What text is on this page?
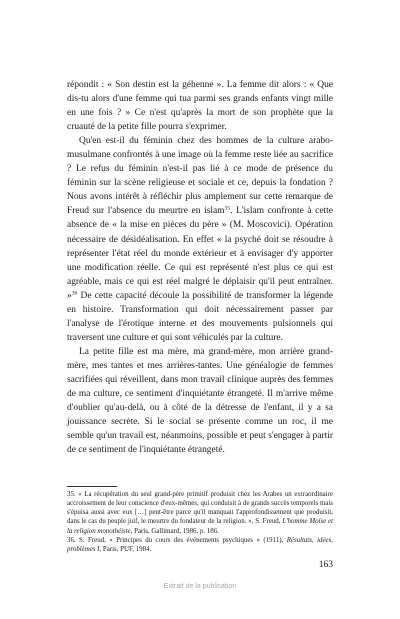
répondit : « Son destin est la géhenne ». La femme dit alors : « Que dis-tu alors d'une femme qui tua parmi ses grands enfants vingt mille en une fois ? » Ce n'est qu'après la mort de son prophète que la cruauté de la petite fille pourra s'exprimer.

Qu'en est-il du féminin chez des hommes de la culture arabo-musulmane confrontés à une image où la femme reste liée au sacrifice ? Le refus du féminin n'est-il pas lié à ce mode de présence du féminin sur la scène religieuse et sociale et ce, depuis la fondation ? Nous avons intérêt à réfléchir plus amplement sur cette remarque de Freud sur l'absence du meurtre en islam$^{35}$. L'islam confronte à cette absence de « la mise en pièces du père » (M. Moscovici). Opération nécessaire de désidéalisation. En effet « la psyché doit se résoudre à représenter l'état réel du monde extérieur et à envisager d'y apporter une modification réelle. Ce qui est représenté n'est plus ce qui est agréable, mais ce qui est réel malgré le déplaisir qu'il peut entraîner. »$^{36}$ De cette capacité découle la possibilité de transformer la légende en histoire. Transformation qui doit nécessairement passer par l'analyse de l'érotique interne et des mouvements pulsionnels qui traversent une culture et qui sont véhiculés par la culture.

La petite fille est ma mère, ma grand-mère, mon arrière grand-mère, mes tantes et mes arrières-tantes. Une généalogie de femmes sacrifiées qui réveillent, dans mon travail clinique auprès des femmes de ma culture, ce sentiment d'inquiétante étrangeté. Il m'arrive même d'oublier qu'au-delà, ou à côté de la détresse de l'enfant, il y a sa jouissance secrète. Si le social se présente comme un roc, il me semble qu'un travail est, néanmoins, possible et peut s'engager à partir de ce sentiment de l'inquiétante étrangeté.

35. « La récupération du seul grand-père primitif produisit chez les Arabes un extraordinaire accroissement de leur conscience d'eux-mêmes, qui conduisit à de grands succès temporels mais s'épuisa aussi avec eux […] peut-être parce qu'il manquait l'approfondissement que produisit, dans le cas du peuple juif, le meurtre du fondateur de la religion. », S. Freud, L'homme Moïse et la religion monothéiste, Paris, Gallimard, 1986, p. 186.

36. S. Freud, « Principes du cours des événements psychiques » (1911), Résultats, idées, problèmes I, Paris, PUF, 1984.

163
Extrait de la publication
